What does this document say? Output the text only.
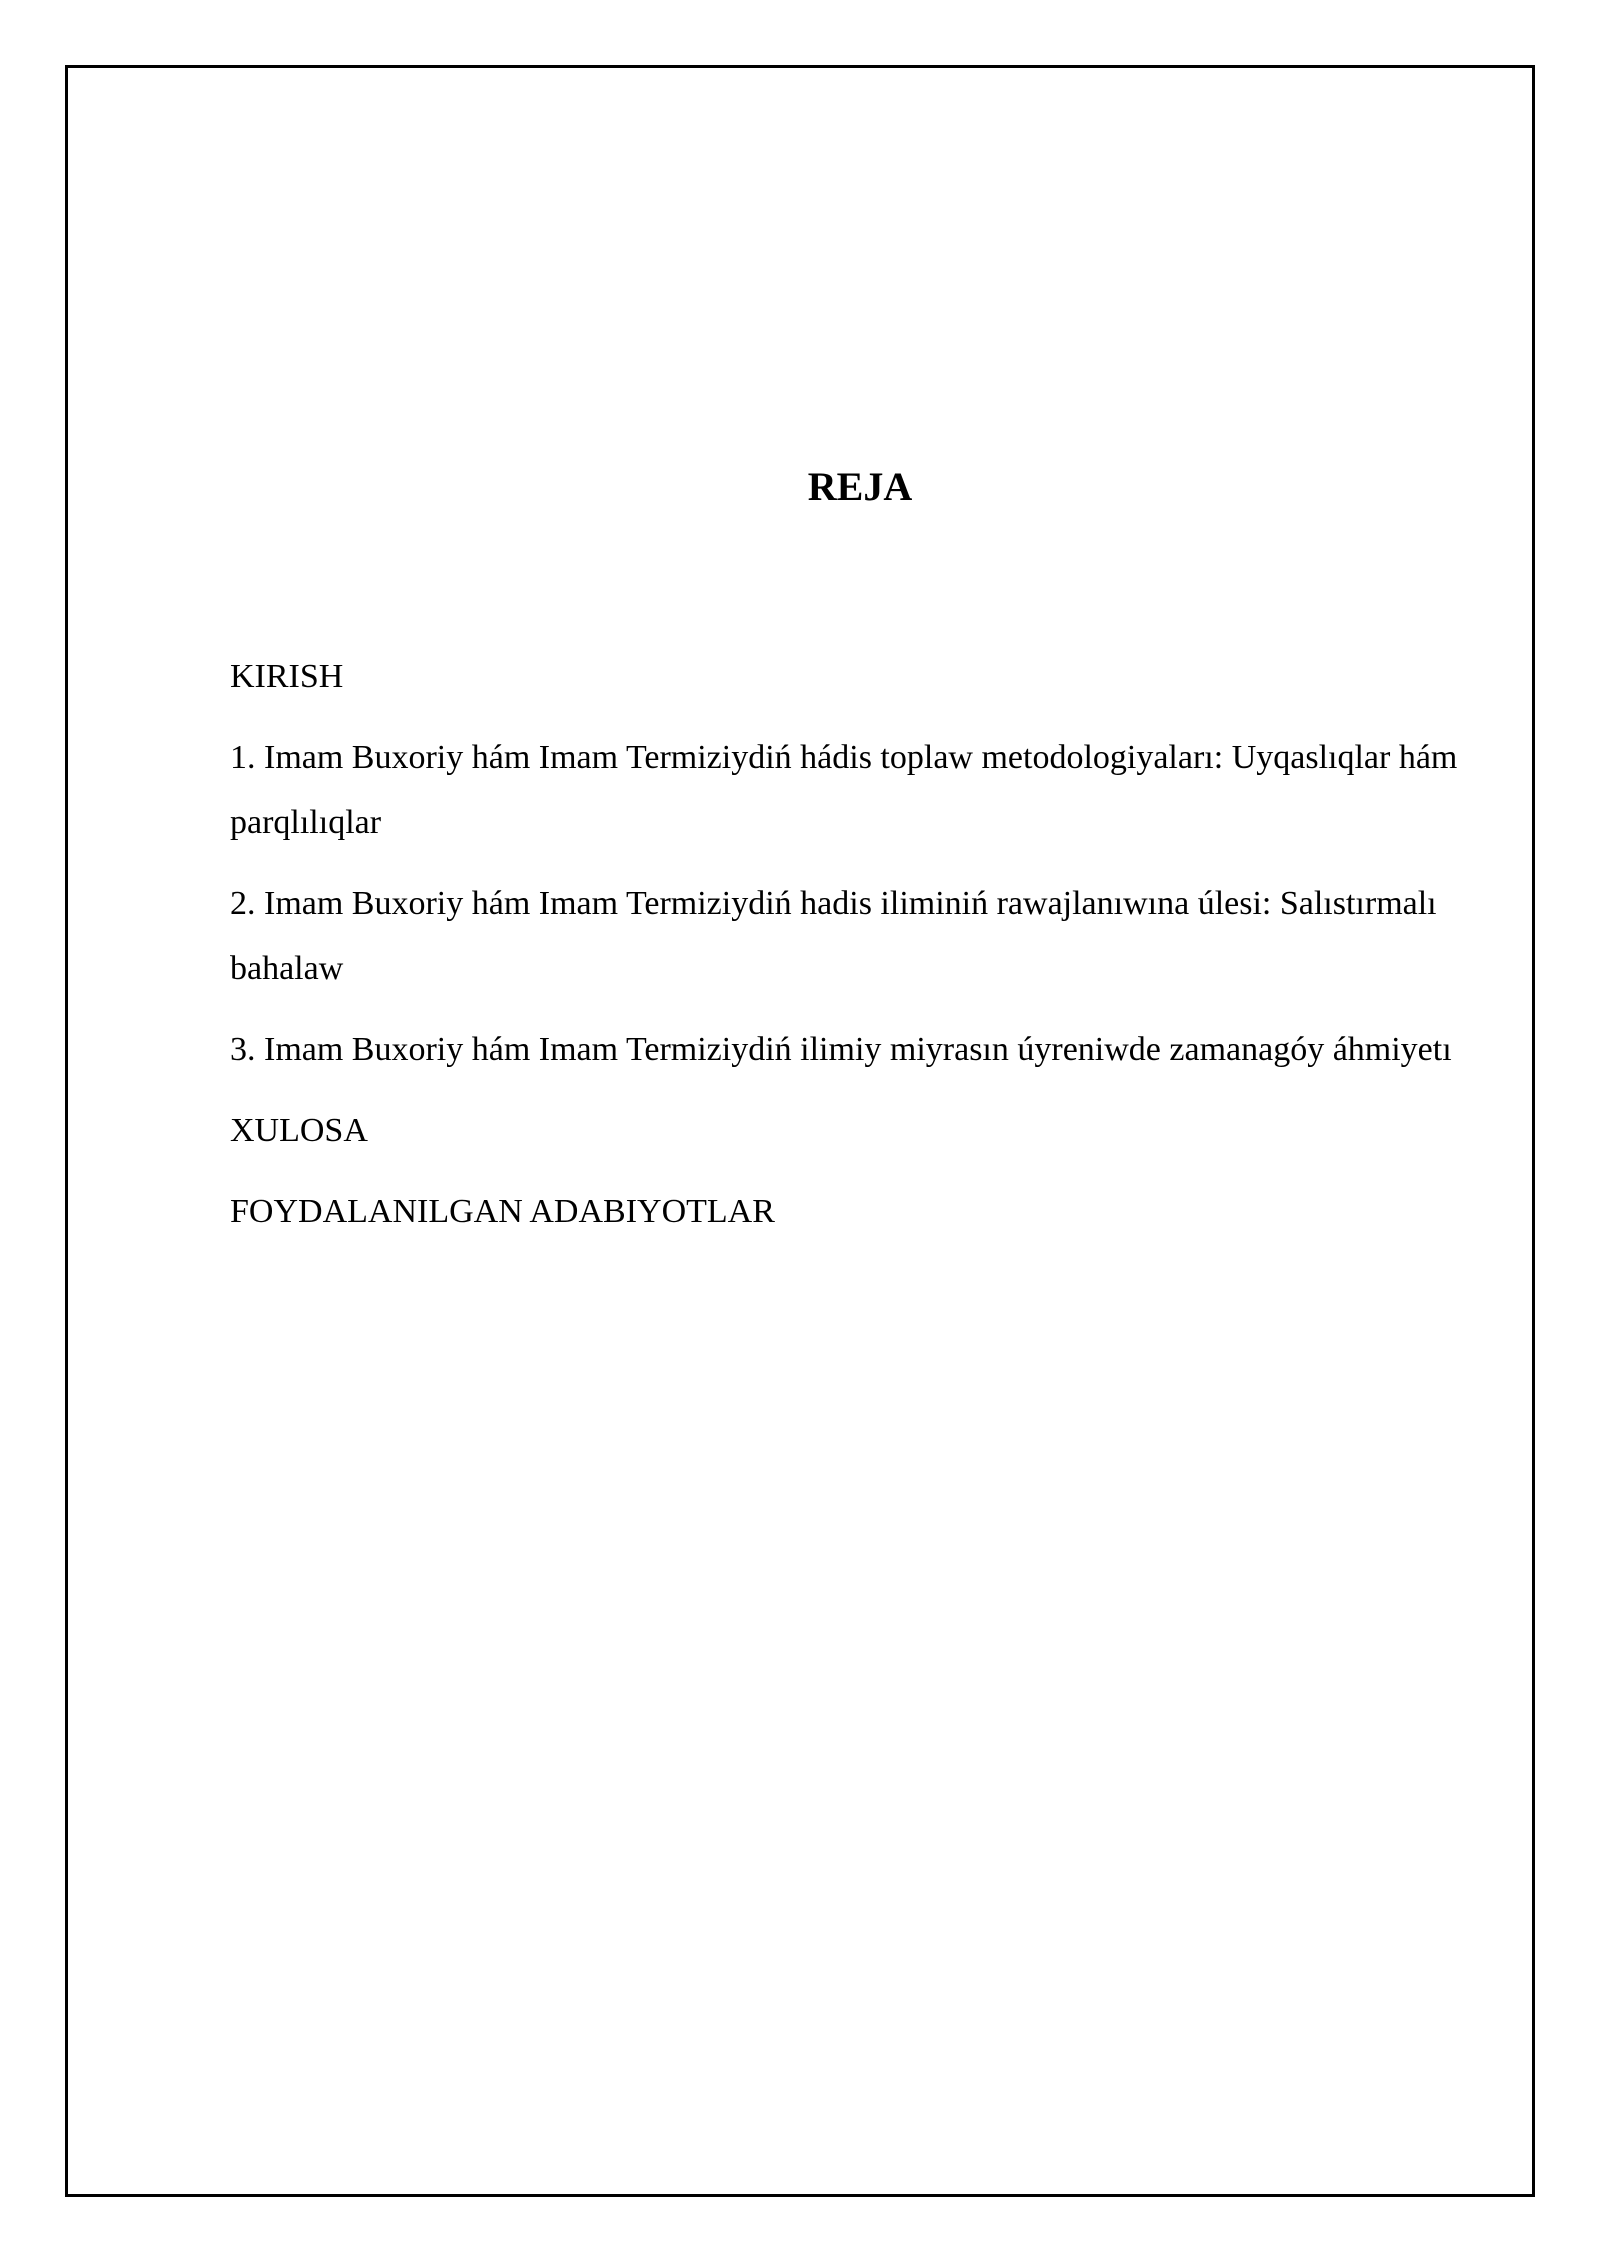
REJA

KIRISH

1. Imam Buxoriy hám Imam Termiziydiń hádis toplaw metodologiyaları: Uyqaslıqlar hám parqlılıqlar

2. Imam Buxoriy hám Imam Termiziydiń hadis iliminiń rawajlanıwına úlesi: Salıstırmalı bahalaw

3. Imam Buxoriy hám Imam Termiziydiń ilimiy miyrasın úyreniwde zamanagóy áhmiyetı

XULOSA

FOYDALANILGAN ADABIYOTLAR
